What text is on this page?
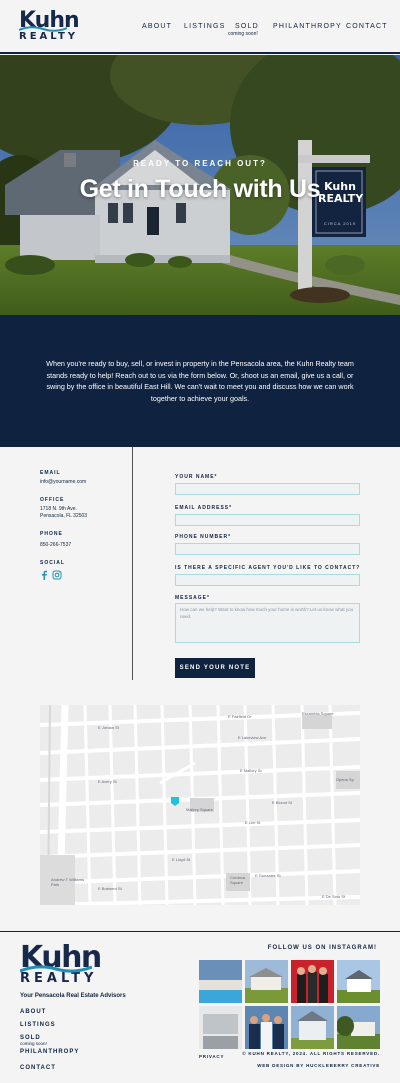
Kuhn
REALTY
ABOUT LISTINGS SOLD
coming soon!
PHILANTHROPY CONTACT
Kuhn REALTY
CIRCA 2019
READY TO REACH OUT?
Get in Touch with Us

When you're ready to buy, sell, or invest in property in the Pensacola area, the Kuhn Realty team stands ready to help! Reach out to us via the form below. Or, shoot us an email, give us a call, or swing by the office in beautiful East Hill. We can't wait to meet you and discuss how we can work together to achieve your goals.

EMAIL
info@yourname.com
OFFICE
1718 N. 9th Ave.
Pensacola, FL 32503
PHONE
850-266-7537
SOCIAL
YOUR NAME*
EMAIL ADDRESS*
PHONE NUMBER*
IS THERE A SPECIFIC AGENT YOU'D LIKE TO CONTACT?
MESSAGE*
How can we help? Want to know how much your home is worth? Let us know what you need.
SEND YOUR NOTE
E Fairfield Dr
Escambia Square
E Jordan St
E Lakeview Ave
E Avery St
E Mallory St
Opens Sp
E Blount St
E Lee St
Mallory Square
E Brainerd St
E Lloyd St
E Gonzalez St
Andrew T Williams Park
Cordova Square
E De Soto St
Kuhn
REALTY
Your Pensacola Real Estate Advisors
ABOUT
LISTINGS
SOLD
coming soon!
PHILANTHROPY
CONTACT
FOLLOW US ON INSTAGRAM!
PRIVACY
© KUHN REALTY, 2024. ALL RIGHTS RESERVED.
WEB DESIGN BY HUCKLEBERRY CREATIVE
